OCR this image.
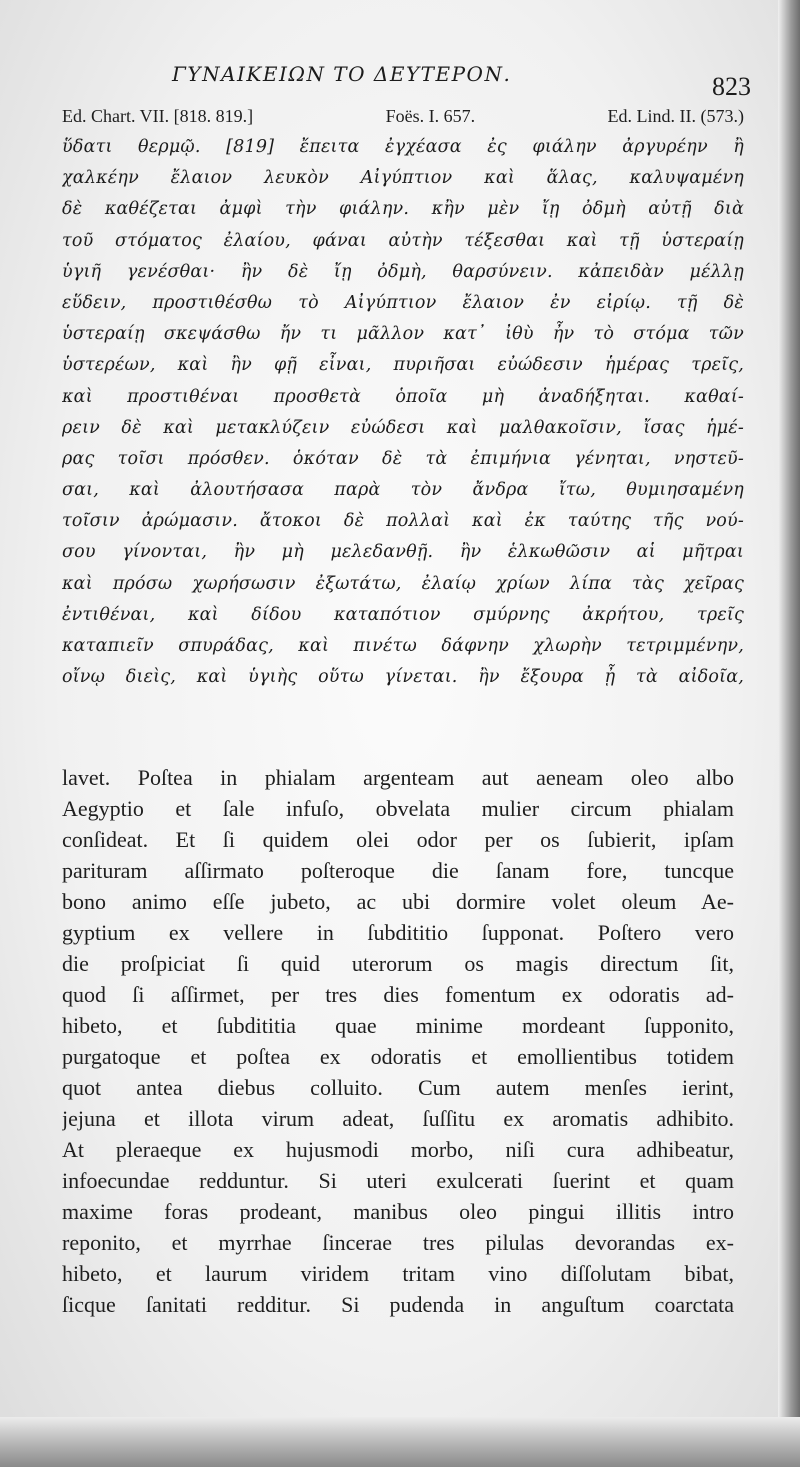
ΓΥΝΑΙΚΕΙΩΝ ΤΟ ΔΕΥΤΕΡΟΝ.	823
Ed. Chart. VII. [818. 819.]	Foës. I. 657.	Ed. Lind. II. (573.)
ὕδατι θερμῷ. [819] ἔπειτα ἐγχέασα ἐς φιάλην ἀργυρέην ἢ
χαλκέην ἔλαιον λευκὸν Αἰγύπτιον καὶ ἅλας, καλυψαμένη
δὲ καθέζεται ἀμφὶ τὴν φιάλην. κἢν μὲν ἴῃ ὀδμὴ αὐτῇ διὰ
τοῦ στόματος ἐλαίου, φάναι αὐτὴν τέξεσθαι καὶ τῇ ὑστεραίῃ
ὑγιῆ γενέσθαι· ἢν δὲ ἴῃ ὀδμὴ, θαρσύνειν. κἀπειδὰν μέλλῃ
εὕδειν, προστιθέσθω τὸ Αἰγύπτιον ἔλαιον ἐν εἰρίῳ. τῇ δὲ
ὑστεραίῃ σκεψάσθω ἤν τι μᾶλλον κατ᾿ ἰθὺ ἦν τὸ στόμα τῶν
ὑστερέων, καὶ ἢν φῇ εἶναι, πυριῆσαι εὐώδεσιν ἡμέρας τρεῖς,
καὶ προστιθέναι προσθετὰ ὁποῖα μὴ ἀναδήξηται. καθαί-
ρειν δὲ καὶ μετακλύζειν εὐώδεσι καὶ μαλθακοῖσιν, ἴσας ἡμέ-
ρας τοῖσι πρόσθεν. ὁκόταν δὲ τὰ ἐπιμήνια γένηται, νηστεῦ-
σαι, καὶ ἀλουτήσασα παρὰ τὸν ἄνδρα ἴτω, θυμιησαμένη
τοῖσιν ἀρώμασιν. ἄτοκοι δὲ πολλαὶ καὶ ἐκ ταύτης τῆς νού-
σου γίνονται, ἢν μὴ μελεδανθῇ. ἢν ἑλκωθῶσιν αἱ μῆτραι
καὶ πρόσω χωρήσωσιν ἐξωτάτω, ἐλαίῳ χρίων λίπα τὰς χεῖρας
ἐντιθέναι, καὶ δίδου καταπότιον σμύρνης ἀκρήτου, τρεῖς
καταπιεῖν σπυράδας, καὶ πινέτω δάφνην χλωρὴν τετριμμένην,
οἴνῳ διεὶς, καὶ ὑγιὴς οὕτω γίνεται. ἢν ἔξουρα ᾖ τὰ αἰδοῖα,
lavet. Poſtea in phialam argenteam aut aeneam oleo albo
Aegyptio et ſale infuſo, obvelata mulier circum phialam
conſideat. Et ſi quidem olei odor per os ſubierit, ipſam
parituram aſſirmato poſteroque die ſanam fore, tuncque
bono animo eſſe jubeto, ac ubi dormire volet oleum Ae-
gyptium ex vellere in ſubdititio ſupponat. Poſtero vero
die proſpiciat ſi quid uterorum os magis directum ſit,
quod ſi aſſirmet, per tres dies fomentum ex odoratis ad-
hibeto, et ſubdititia quae minime mordeant ſupponito,
purgatoque et poſtea ex odoratis et emollientibus totidem
quot antea diebus colluito. Cum autem menſes ierint,
jejuna et illota virum adeat, ſuſſitu ex aromatis adhibito.
At pleraeque ex hujusmodi morbo, niſi cura adhibeatur,
infoecundae redduntur. Si uteri exulcerati ſuerint et quam
maxime foras prodeant, manibus oleo pingui illitis intro
reponito, et myrrhae ſincerae tres pilulas devorandas ex-
hibeto, et laurum viridem tritam vino diſſolutam bibat,
ſicque ſanitati redditur. Si pudenda in anguſtum coarctata
